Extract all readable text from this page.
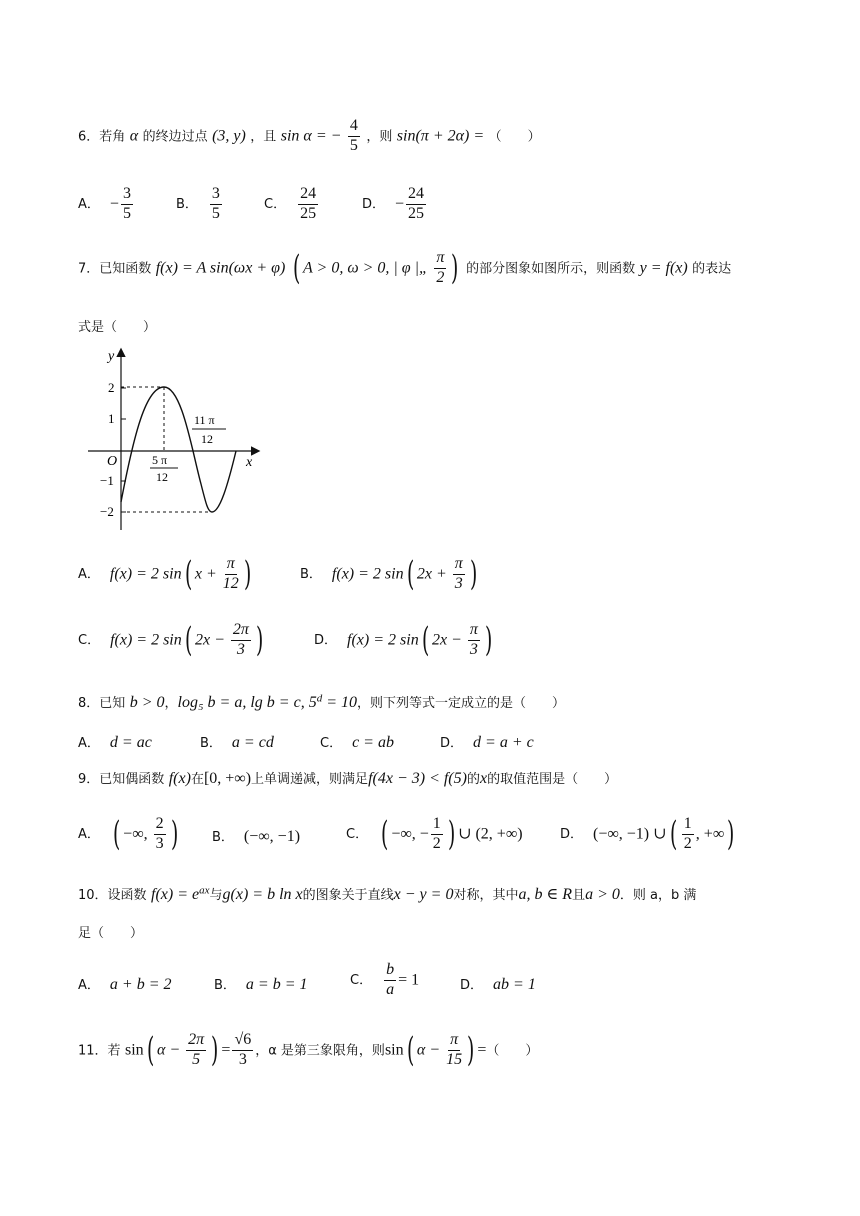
6．若角 α 的终边过点 (3, y) ，且 sin α = − $\frac{4}{5}$ ，则 sin(π + 2α) = （　　）
A． − $\frac{3}{5}$	B． $\frac{3}{5}$	C． $\frac{24}{25}$	D． − $\frac{24}{25}$
7．已知函数 f(x) = A sin(ωx + φ) ( A > 0, ω > 0, | φ |„ $\frac{\pi}{2}$ ) 的部分图象如图所示，则函数 y = f(x) 的表达
式是（　　）
y
x
O
2
1
−1
−2
5 π
12
11 π
12
A． f(x) = 2 sin( $x + \frac{\pi}{12}$ )	B． f(x) = 2 sin( $2x + \frac{\pi}{3}$ )
C． f(x) = 2 sin( $2x - \frac{2\pi}{3}$ )	D． f(x) = 2 sin( $2x - \frac{\pi}{3}$ )
8．已知 b > 0，log₅ b = a, lg b = c, $5^d = 10$，则下列等式一定成立的是（　　）
A． d = ac	B． a = cd	C． c = ab	D． d = a + c
9．已知偶函数 f(x)在[0, +∞)上单调递减，则满足f(4x − 3) < f(5)的x的取值范围是（　　）
A． ( −∞, $\frac{2}{3}$ )	B． (−∞, −1)	C． ( −∞, − $\frac{1}{2}$ ) ∪ (2, +∞)	D． (−∞, −1) ∪( $\frac{1}{2}$ , +∞)
10．设函数 $f(x) = e^{ax}$与g(x) = b ln x的图象关于直线x − y = 0对称，其中a, b ∈ R且a > 0．则 a，b 满
足（　　）
A． a + b = 2	B． a = b = 1	C． $\frac{b}{a} = 1$	D． ab = 1
11．若 sin( $\alpha - \frac{2\pi}{5}$ ) = $\frac{√6}{3}$ ，α 是第三象限角，则sin( $\alpha - \frac{\pi}{15}$ ) =（　　）
